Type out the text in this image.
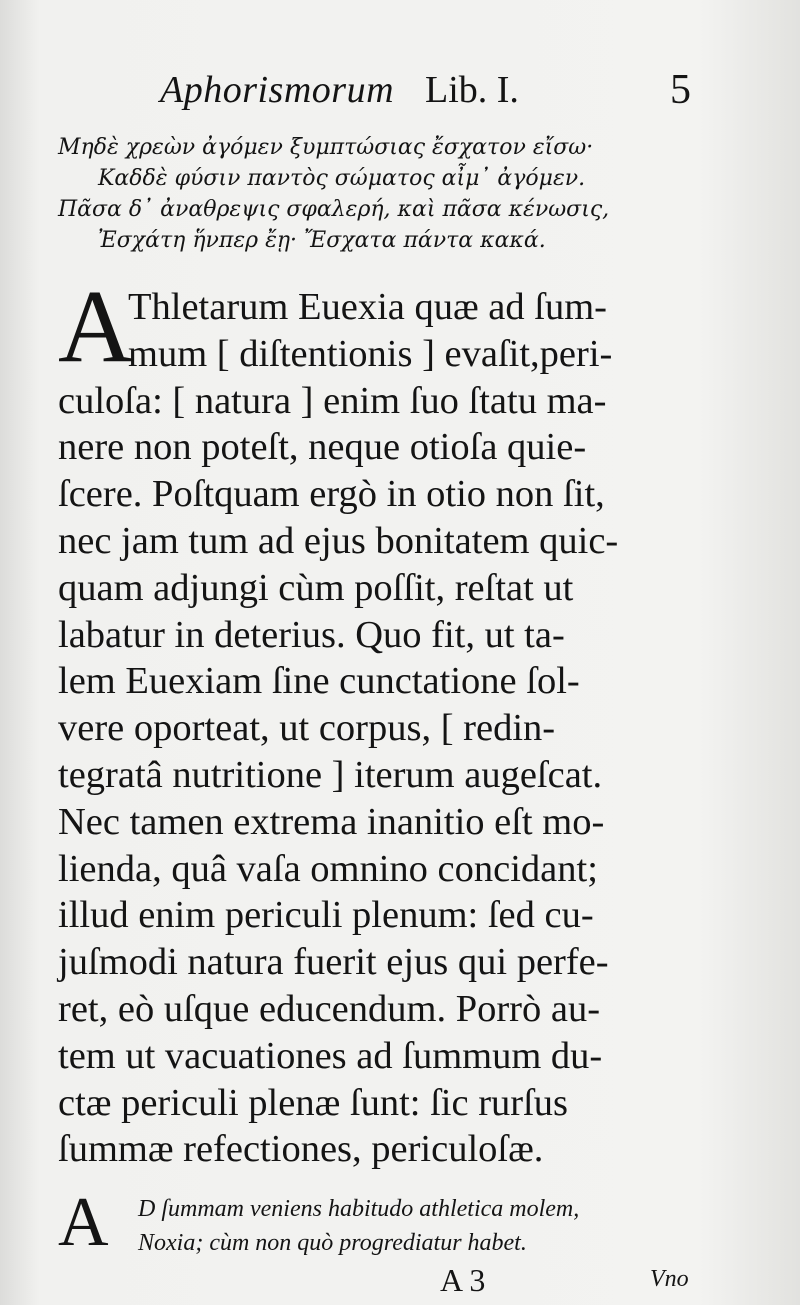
Aphorismorum Lib. I.	5
Μηδὲ χρεὼν ἀγόμεν ξυμπτώσιας ἔσχατον εἴσω·
Καδδὲ φύσιν παντὸς σώματος αἶμ᾽ ἀγόμεν.
Πᾶσα δ᾽ ἀναθρεψις σφαλερή, καὶ πᾶσα κένωσις,
Ἐσχάτη ἥνπερ ἔῃ· Ἔσχατα πάντα κακά.
A
Thletarum Euexia quæ ad ſum-
mum [ diſtentionis ] evaſit,peri-
culoſa: [ natura ] enim ſuo ſtatu ma-
nere non poteſt, neque otioſa quie-
ſcere. Poſtquam ergò in otio non ſit,
nec jam tum ad ejus bonitatem quic-
quam adjungi cùm poſſit, reſtat ut
labatur in deterius. Quo fit, ut ta-
lem Euexiam ſine cunctatione ſol-
vere oporteat, ut corpus, [ redin-
tegratâ nutritione ] iterum augeſcat.
Nec tamen extrema inanitio eſt mo-
lienda, quâ vaſa omnino concidant;
illud enim periculi plenum: ſed cu-
juſmodi natura fuerit ejus qui perfe-
ret, eò uſque educendum. Porrò au-
tem ut vacuationes ad ſummum du-
ctæ periculi plenæ ſunt: ſic rurſus
ſummæ refectiones, periculoſæ.
A	D ſummam veniens habitudo athletica molem,
Noxia; cùm non quò progrediatur habet.
A 3	Vno
